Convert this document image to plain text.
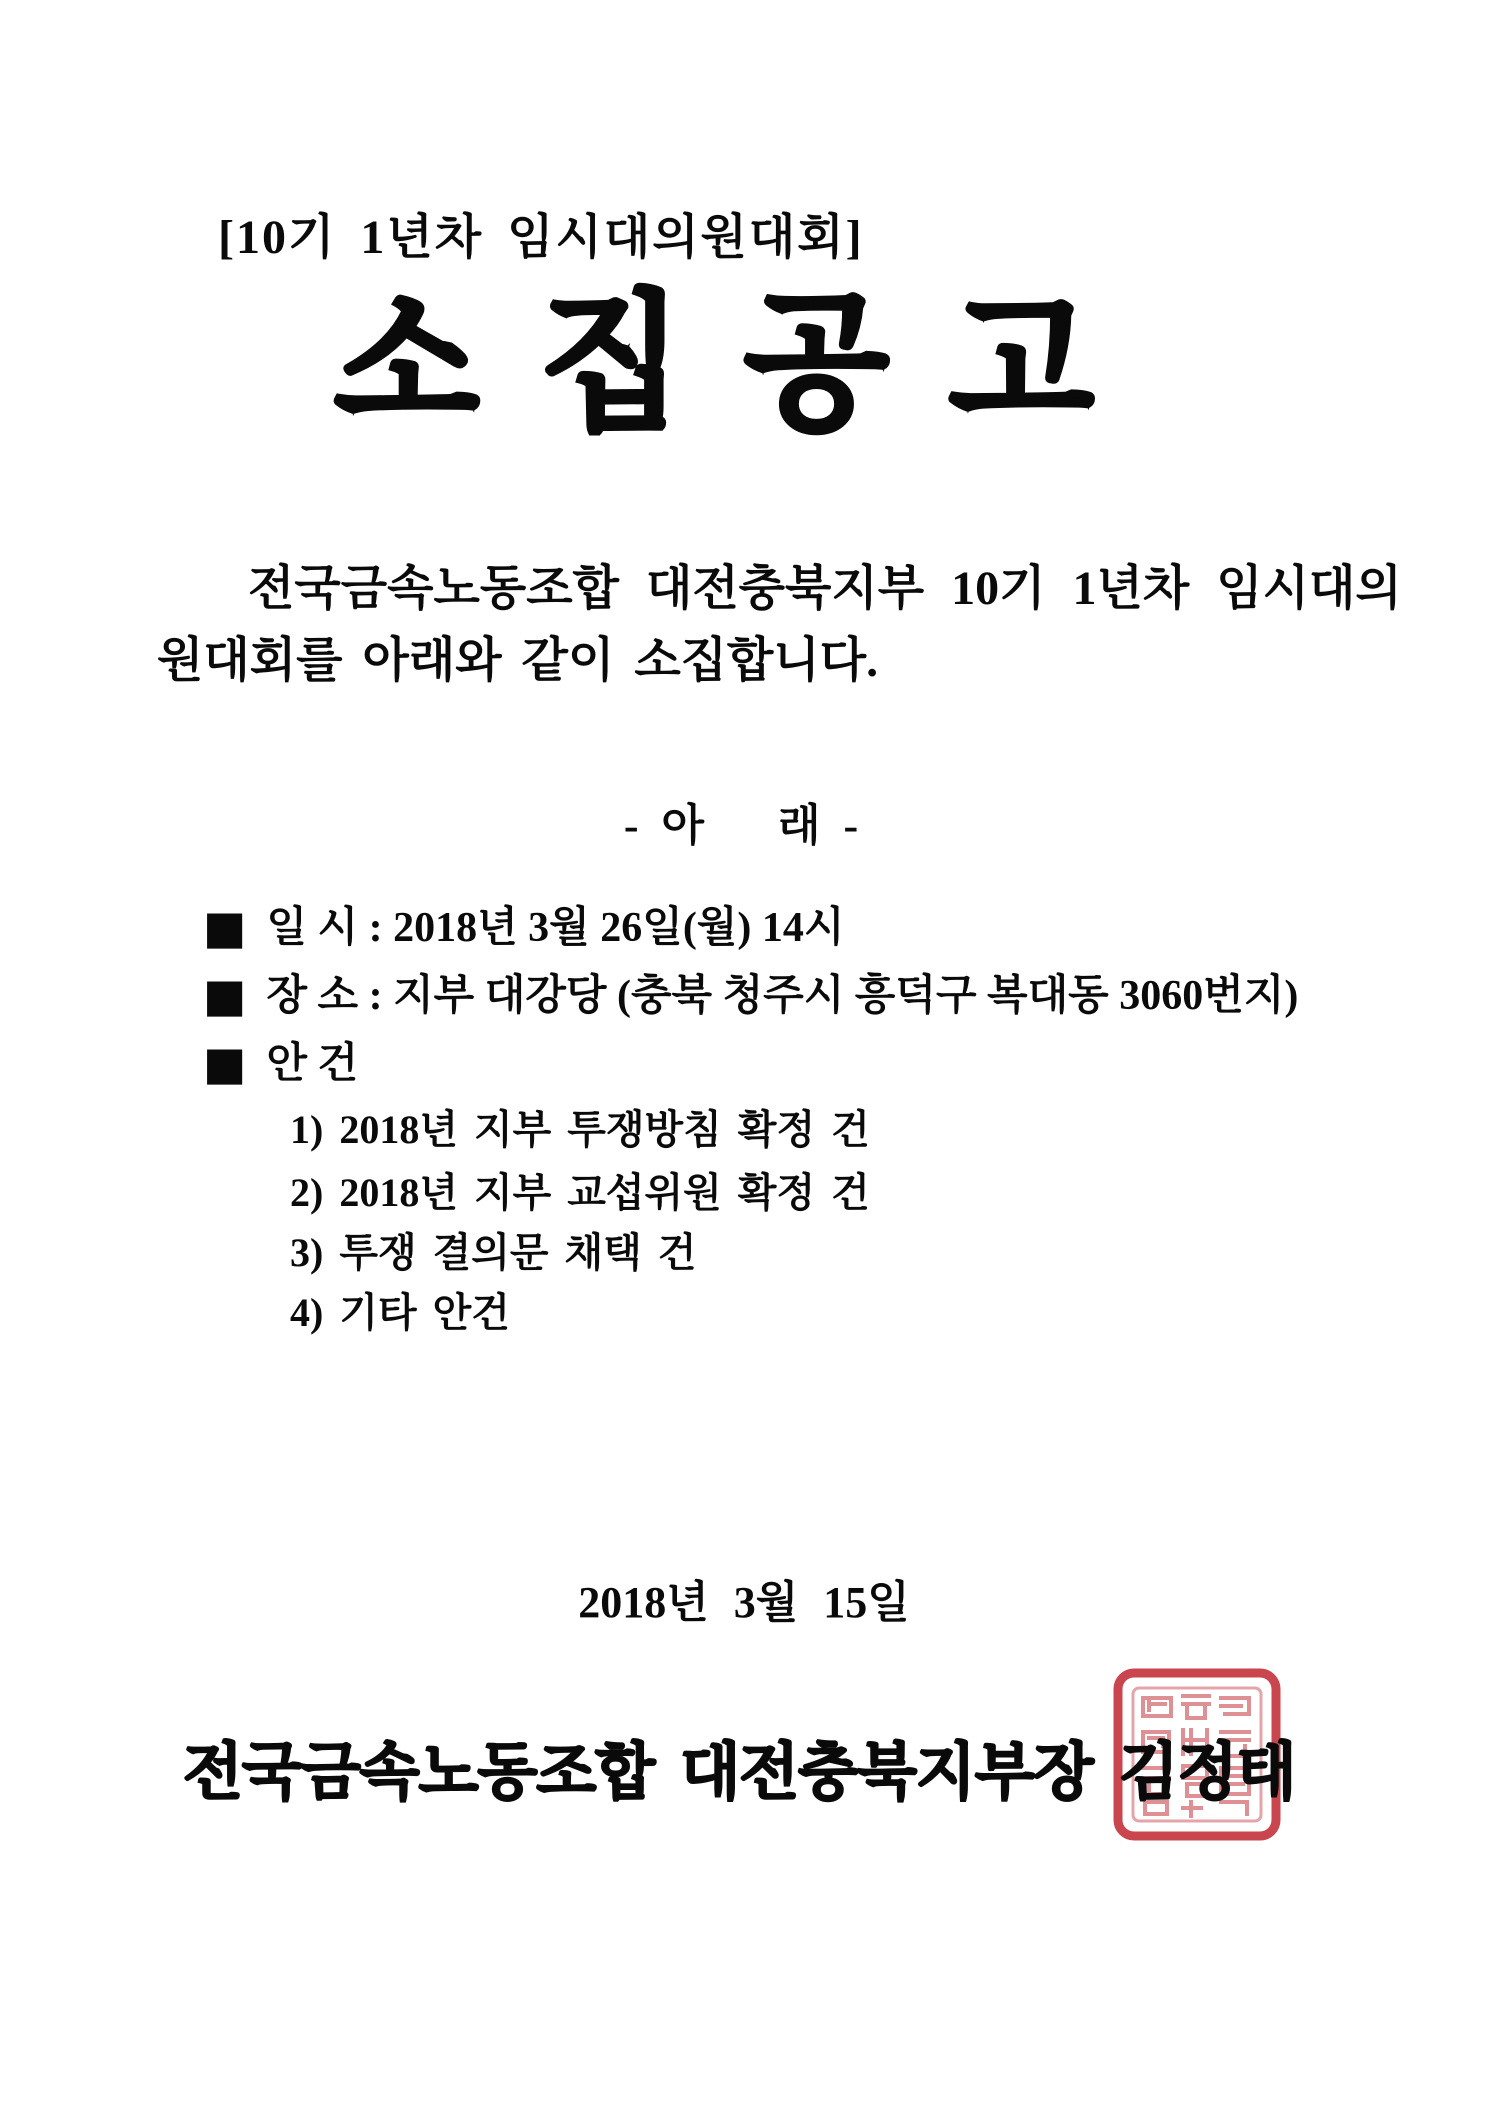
[10기 1년차 임시대의원대회]
소집공고
전국금속노동조합 대전충북지부 10기 1년차 임시대의
원대회를 아래와 같이 소집합니다.
- 아    래 -
■ 일 시 : 2018년 3월 26일(월) 14시
■ 장 소 : 지부 대강당 (충북 청주시 흥덕구 복대동 3060번지)
■ 안 건
1) 2018년 지부 투쟁방침 확정 건
2) 2018년 지부 교섭위원 확정 건
3) 투쟁 결의문 채택 건
4) 기타 안건
2018년 3월 15일
전국금속노동조합 대전충북지부장 김정태
